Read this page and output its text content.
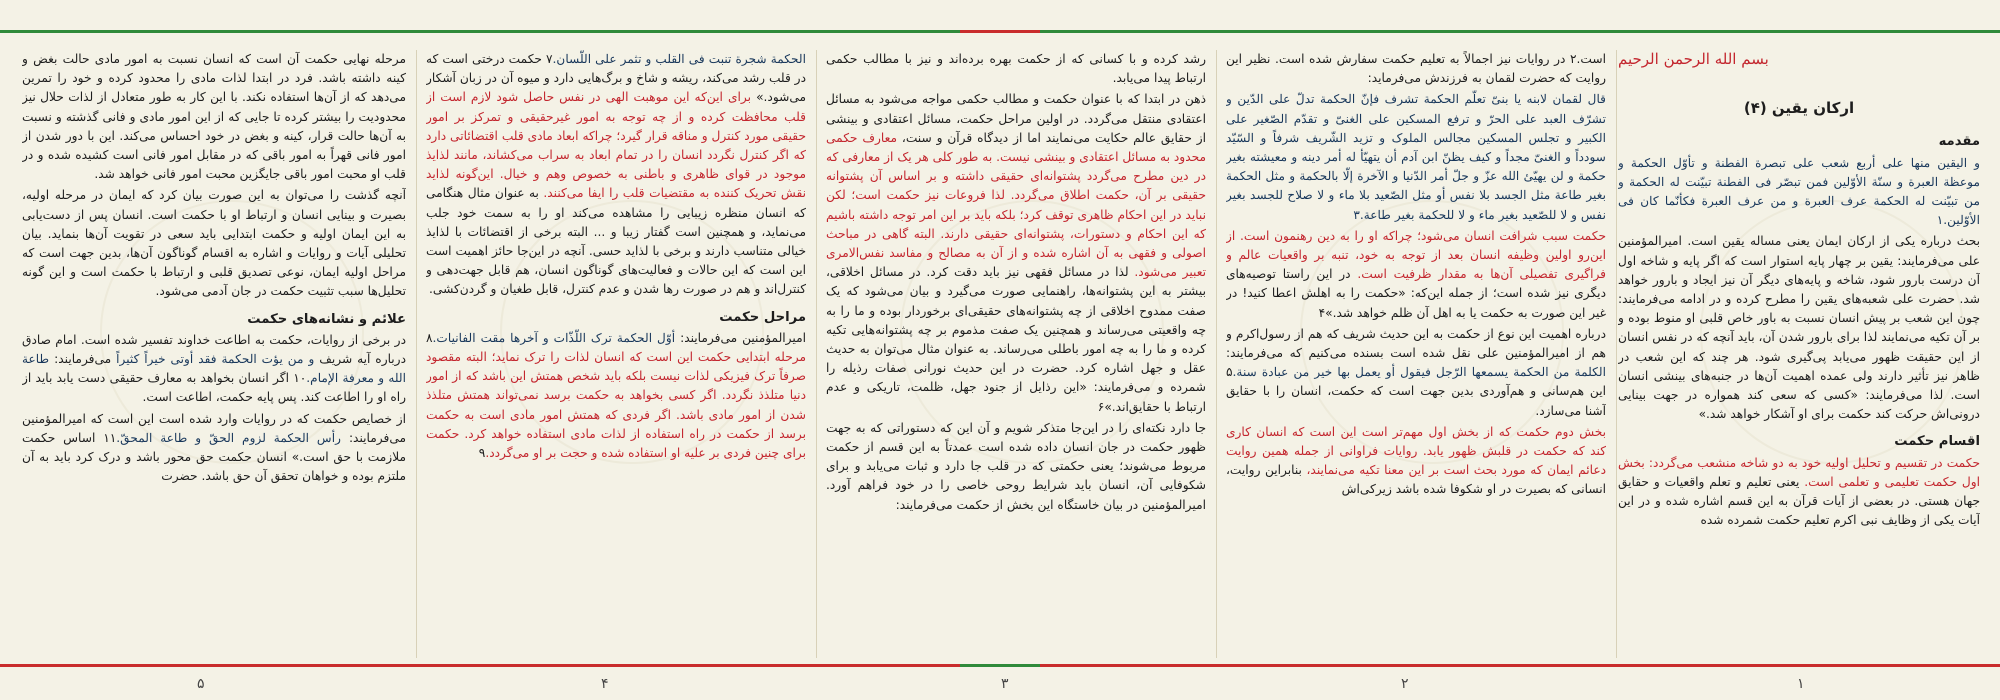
بسم الله الرحمن الرحیم
ارکان یقین (۴)

مقدمه

و الیقین منها علی أربع شعب علی تبصرة الفطنة و تأوّل الحکمة و موعظة العبرة و سنّة الأوّلین فمن تبصّر فی الفطنة تبیّنت له الحکمة و من تبیّنت له الحکمة عرف العبرة و من عرف العبرة فکأنّما کان فی الأوّلین.۱

بحث درباره یکی از ارکان ایمان یعنی مساله یقین است. امیرالمؤمنین علی می‌فرمایند: یقین بر چهار پایه استوار است که اگر پایه و شاخه اول آن درست بارور شود، شاخه و پایه‌های دیگر آن نیز ایجاد و بارور خواهد شد. حضرت علی شعبه‌های یقین را مطرح کرده و در ادامه می‌فرمایند: چون این شعب بر پیش انسان نسبت به باور خاص قلبی او منوط بوده و بر آن تکیه می‌نمایند لذا برای بارور شدن آن، باید آنچه که در نفس انسان از این حقیقت ظهور می‌یابد پی‌گیری شود. هر چند که این شعب در ظاهر نیز تأثیر دارند ولی عمده اهمیت آن‌ها در جنبه‌های بینشی انسان است. لذا می‌فرمایند: «کسی که سعی کند همواره در جهت بینایی درونی‌اش حرکت کند حکمت برای او آشکار خواهد شد.»

اقسام حکمت

حکمت در تقسیم و تحلیل اولیه خود به دو شاخه منشعب می‌گردد: بخش اول حکمت تعلیمی و تعلمی است. یعنی تعلیم و تعلم واقعیات و حقایق جهان هستی. در بعضی از آیات قرآن به این قسم اشاره شده و در این آیات یکی از وظایف نبی اکرم تعلیم حکمت شمرده شده

است.۲ در روایات نیز اجمالاً به تعلیم حکمت سفارش شده است. نظیر این روایت که حضرت لقمان به فرزندش می‌فرماید:

قال لقمان لابنه یا بنیّ تعلّم الحکمة تشرف فإنّ الحکمة تدلّ علی الدّین و تشرّف العبد علی الحرّ و ترفع المسکین علی الغنیّ و تقدّم الصّغیر علی الکبیر و تجلس المسکین مجالس الملوک و تزید الشّریف شرفاً و السّیّد سودداً و الغنیّ مجداً و کیف یظنّ ابن آدم أن یتهیّأ له أمر دینه و معیشته بغیر حکمة و لن یهیّئ الله عزّ و جلّ أمر الدّنیا و الآخرة إلّا بالحکمة و مثل الحکمة بغیر طاعة مثل الجسد بلا نفس أو مثل الصّعید بلا ماء و لا صلاح للجسد بغیر نفس و لا للصّعید بغیر ماء و لا للحکمة بغیر طاعة.۳

حکمت سبب شرافت انسان می‌شود؛ چراکه او را به دین رهنمون است. از این‌رو اولین وظیفه انسان بعد از توجه به خود، تنبه بر واقعیات عالم و فراگیری تفصیلی آن‌ها به مقدار ظرفیت است. در این راستا توصیه‌های دیگری نیز شده است؛ از جمله این‌که: «حکمت را به اهلش اعطا کنید! در غیر این صورت به حکمت یا به اهل آن ظلم خواهد شد.»۴

درباره اهمیت این نوع از حکمت به این حدیث شریف که هم از رسول‌اکرم و هم از امیرالمؤمنین علی نقل شده است بسنده می‌کنیم که می‌فرمایند: الکلمة من الحکمة یسمعها الرّجل فیقول أو یعمل بها خیر من عبادة سنة.۵ این هم‌سانی و هم‌آوردی بدین جهت است که حکمت، انسان را با حقایق آشنا می‌سازد.

بخش دوم حکمت که از بخش اول مهم‌تر است این است که انسان کاری کند که حکمت در قلبش ظهور یابد. روایات فراوانی از جمله همین روایت دعائم ایمان که مورد بحث است بر این معنا تکیه می‌نمایند، بنابراین روایت، انسانی که بصیرت در او شکوفا شده باشد زیرکی‌اش

رشد کرده و با کسانی که از حکمت بهره برده‌اند و نیز با مطالب حکمی ارتباط پیدا می‌یابد.

ذهن در ابتدا که با عنوان حکمت و مطالب حکمی مواجه می‌شود به مسائل اعتقادی منتقل می‌گردد. در اولین مراحل حکمت، مسائل اعتقادی و بینشی از حقایق عالم حکایت می‌نمایند اما از دیدگاه قرآن و سنت، معارف حکمی محدود به مسائل اعتقادی و بینشی نیست. به طور کلی هر یک از معارفی که در دین مطرح می‌گردد پشتوانه‌ای حقیقی داشته و بر اساس آن پشتوانه حقیقی بر آن، حکمت اطلاق می‌گردد. لذا فروعات نیز حکمت است؛ لکن نباید در این احکام ظاهری توقف کرد؛ بلکه باید بر این امر توجه داشته باشیم که این احکام و دستورات، پشتوانه‌ای حقیقی دارند. البته گاهی در مباحث اصولی و فقهی به آن اشاره شده و از آن به مصالح و مفاسد نفس‌الامری تعبیر می‌شود. لذا در مسائل فقهی نیز باید دقت کرد. در مسائل اخلاقی، بیشتر به این پشتوانه‌ها، راهنمایی صورت می‌گیرد و بیان می‌شود که یک صفت ممدوح اخلاقی از چه پشتوانه‌های حقیقی‌ای برخوردار بوده و ما را به چه واقعیتی می‌رساند و همچنین یک صفت مذموم بر چه پشتوانه‌هایی تکیه کرده و ما را به چه امور باطلی می‌رساند. به عنوان مثال می‌توان به حدیث عقل و جهل اشاره کرد. حضرت در این حدیث نورانی صفات رذیله را شمرده و می‌فرمایند: «این رذایل از جنود جهل، ظلمت، تاریکی و عدم ارتباط با حقایق‌اند.»۶

جا دارد نکته‌ای را در این‌جا متذکر شویم و آن این که دستوراتی که به جهت ظهور حکمت در جان انسان داده شده است عمدتاً به این قسم از حکمت مربوط می‌شوند؛ یعنی حکمتی که در قلب جا دارد و ثبات می‌یابد و برای شکوفایی آن، انسان باید شرایط روحی خاصی را در خود فراهم آورد. امیرالمؤمنین در بیان خاستگاه این بخش از حکمت می‌فرمایند:

الحکمة شجرة تنبت فی القلب و تثمر علی اللّسان.۷ حکمت درختی است که در قلب رشد می‌کند، ریشه و شاخ و برگ‌هایی دارد و میوه آن در زبان آشکار می‌شود.» برای این‌که این موهبت الهی در نفس حاصل شود لازم است از قلب محافظت کرده و از چه توجه به امور غیرحقیقی و تمرکز بر امور حقیقی مورد کنترل و مناقه قرار گیرد؛ چراکه ابعاد مادی قلب اقتضائاتی دارد که اگر کنترل نگردد انسان را در تمام ابعاد به سراب می‌کشاند، مانند لذایذ موجود در قوای ظاهری و باطنی به خصوص وهم و خیال. این‌گونه لذاید نقش تحریک کننده به مقتضیات قلب را ایفا می‌کنند. به عنوان مثال هنگامی که انسان منظره زیبایی را مشاهده می‌کند او را به سمت خود جلب می‌نماید، و همچنین است گفتار زیبا و ... البته برخی از اقتضائات با لذایذ خیالی متناسب دارند و برخی با لذاید حسی. آنچه در این‌جا حائز اهمیت است این است که این حالات و فعالیت‌های گوناگون انسان، هم قابل جهت‌دهی و کنترل‌اند و هم در صورت رها شدن و عدم کنترل، قابل طغیان و گردن‌کشی.

مراحل حکمت

امیرالمؤمنین می‌فرمایند: أوّل الحکمة ترک اللّذّات و آخرها مقت الفانیات.۸ مرحله ابتدایی حکمت این است که انسان لذات را ترک نماید؛ البته مقصود صرفاً ترک فیزیکی لذات نیست بلکه باید شخص همتش این باشد که از امور دنیا متلذذ نگردد. اگر کسی بخواهد به حکمت برسد نمی‌تواند همتش متلذذ شدن از امور مادی باشد. اگر فردی که همتش امور مادی است به حکمت برسد از حکمت در راه استفاده از لذات مادی استفاده خواهد کرد. حکمت برای چنین فردی بر علیه او استفاده شده و حجت بر او می‌گردد.۹

مرحله نهایی حکمت آن است که انسان نسبت به امور مادی حالت بغض و کینه داشته باشد. فرد در ابتدا لذات مادی را محدود کرده و خود را تمرین می‌دهد که از آن‌ها استفاده نکند. با این کار به طور متعادل از لذات حلال نیز محدودیت را بیشتر کرده تا جایی که از این امور مادی و فانی گذشته و نسبت به آن‌ها حالت قرار، کینه و بغض در خود احساس می‌کند. این با دور شدن از امور فانی قهراً به امور باقی که در مقابل امور فانی است کشیده شده و در قلب او محبت امور باقی جایگزین محبت امور فانی خواهد شد.

آنچه گذشت را می‌توان به این صورت بیان کرد که ایمان در مرحله اولیه، بصیرت و بینایی انسان و ارتباط او با حکمت است. انسان پس از دست‌یابی به این ایمان اولیه و حکمت ابتدایی باید سعی در تقویت آن‌ها بنماید. بیان تحلیلی آیات و روایات و اشاره به اقسام گوناگون آن‌ها، بدین جهت است که مراحل اولیه ایمان، نوعی تصدیق قلبی و ارتباط با حکمت است و این گونه تحلیل‌ها سبب تثبیت حکمت در جان آدمی می‌شود.

علائم و نشانه‌های حکمت

در برخی از روایات، حکمت به اطاعت خداوند تفسیر شده است. امام صادق درباره آیه شریف و من یؤت الحکمة فقد أوتی خیراً کثیراً می‌فرمایند: طاعة الله و معرفة الإمام.۱۰ اگر انسان بخواهد به معارف حقیقی دست یابد باید از راه او را اطاعت کند. پس پایه حکمت، اطاعت است.

از خصایص حکمت که در روایات وارد شده است این است که امیرالمؤمنین می‌فرمایند: رأس الحکمة لزوم الحقّ و طاعة المحقّ.۱۱ اساس حکمت ملازمت با حق است.» انسان حکمت حق محور باشد و درک کرد باید به آن ملتزم بوده و خواهان تحقق آن حق باشد. حضرت

۱
۲
۳
۴
۵
